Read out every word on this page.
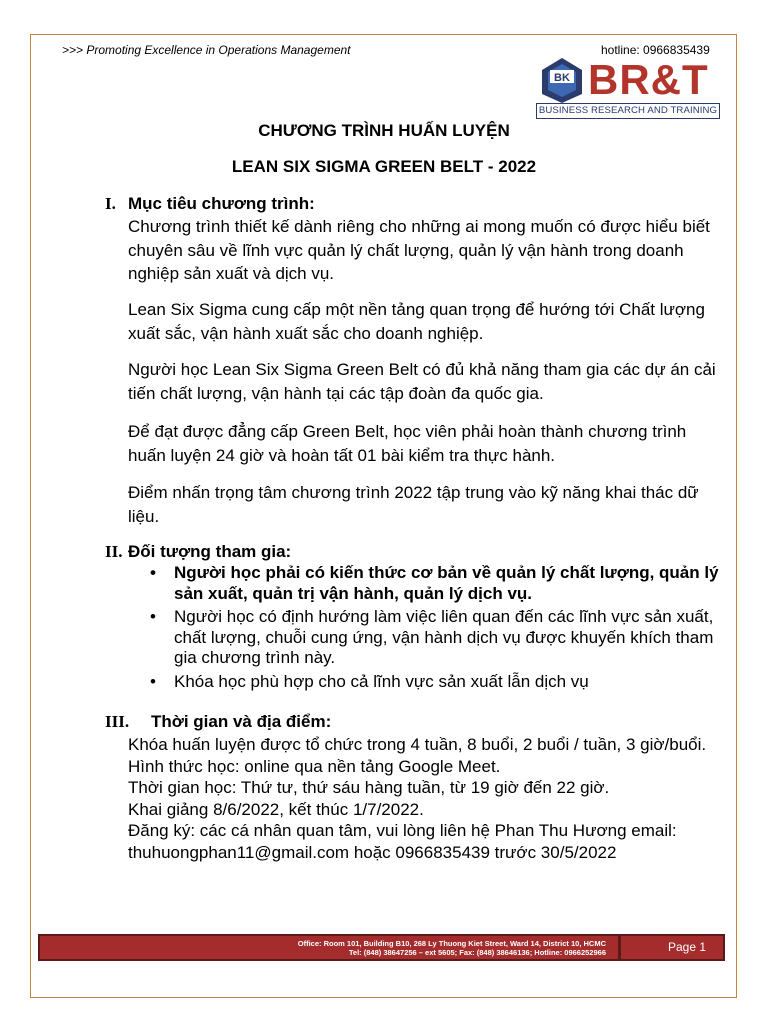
>>> Promoting Excellence in Operations Management	hotline: 0966835439
BK BR&T
BUSINESS RESEARCH AND TRAINING
CHƯƠNG TRÌNH HUẤN LUYỆN
LEAN SIX SIGMA GREEN BELT - 2022
I. Mục tiêu chương trình:
Chương trình thiết kế dành riêng cho những ai mong muốn có được hiểu biết chuyên sâu về lĩnh vực quản lý chất lượng, quản lý vận hành trong doanh nghiệp sản xuất và dịch vụ.
Lean Six Sigma cung cấp một nền tảng quan trọng để hướng tới Chất lượng xuất sắc, vận hành xuất sắc cho doanh nghiệp.
Người học Lean Six Sigma Green Belt có đủ khả năng tham gia các dự án cải tiến chất lượng, vận hành tại các tập đoàn đa quốc gia.
Để đạt được đẳng cấp Green Belt, học viên phải hoàn thành chương trình huấn luyện 24 giờ và hoàn tất 01 bài kiểm tra thực hành.
Điểm nhấn trọng tâm chương trình 2022 tập trung vào kỹ năng khai thác dữ liệu.
II. Đối tượng tham gia:
• Người học phải có kiến thức cơ bản về quản lý chất lượng, quản lý sản xuất, quản trị vận hành, quản lý dịch vụ.
• Người học có định hướng làm việc liên quan đến các lĩnh vực sản xuất, chất lượng, chuỗi cung ứng, vận hành dịch vụ được khuyến khích tham gia chương trình này.
• Khóa học phù hợp cho cả lĩnh vực sản xuất lẫn dịch vụ
III. Thời gian và địa điểm:
Khóa huấn luyện được tổ chức trong 4 tuần, 8 buổi, 2 buổi / tuần, 3 giờ/buổi.
Hình thức học: online qua nền tảng Google Meet.
Thời gian học: Thứ tư, thứ sáu hàng tuần, từ 19 giờ đến 22 giờ.
Khai giảng 8/6/2022, kết thúc 1/7/2022.
Đăng ký: các cá nhân quan tâm, vui lòng liên hệ Phan Thu Hương email: thuhuongphan11@gmail.com hoặc 0966835439 trước 30/5/2022
Office: Room 101, Building B10, 268 Ly Thuong Kiet Street, Ward 14, District 10, HCMC
Tel: (848) 38647256 – ext 5605; Fax: (848) 38646136; Hotline: 0966252966	Page 1
